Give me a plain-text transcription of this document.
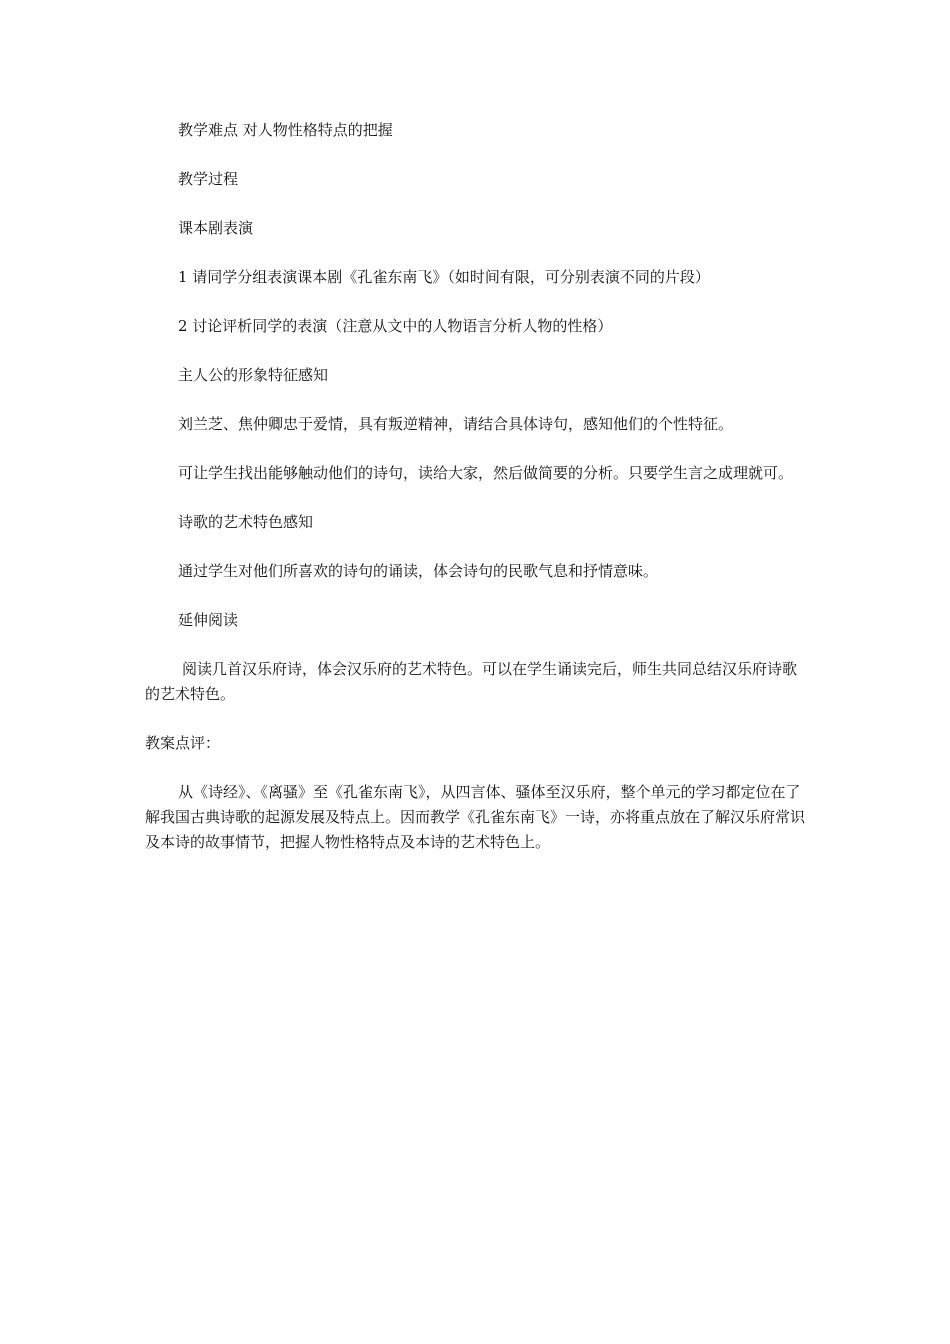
教学难点 对人物性格特点的把握

教学过程

课本剧表演

1 请同学分组表演课本剧《孔雀东南飞》（如时间有限，可分别表演不同的片段）

2 讨论评析同学的表演（注意从文中的人物语言分析人物的性格）

主人公的形象特征感知

刘兰芝、焦仲卿忠于爱情，具有叛逆精神，请结合具体诗句，感知他们的个性特征。

可让学生找出能够触动他们的诗句，读给大家，然后做简要的分析。只要学生言之成理就可。

诗歌的艺术特色感知

通过学生对他们所喜欢的诗句的诵读，体会诗句的民歌气息和抒情意味。

延伸阅读

阅读几首汉乐府诗，体会汉乐府的艺术特色。可以在学生诵读完后，师生共同总结汉乐府诗歌的艺术特色。

教案点评：

从《诗经》、《离骚》至《孔雀东南飞》，从四言体、骚体至汉乐府，整个单元的学习都定位在了解我国古典诗歌的起源发展及特点上。因而教学《孔雀东南飞》一诗，亦将重点放在了解汉乐府常识及本诗的故事情节，把握人物性格特点及本诗的艺术特色上。
